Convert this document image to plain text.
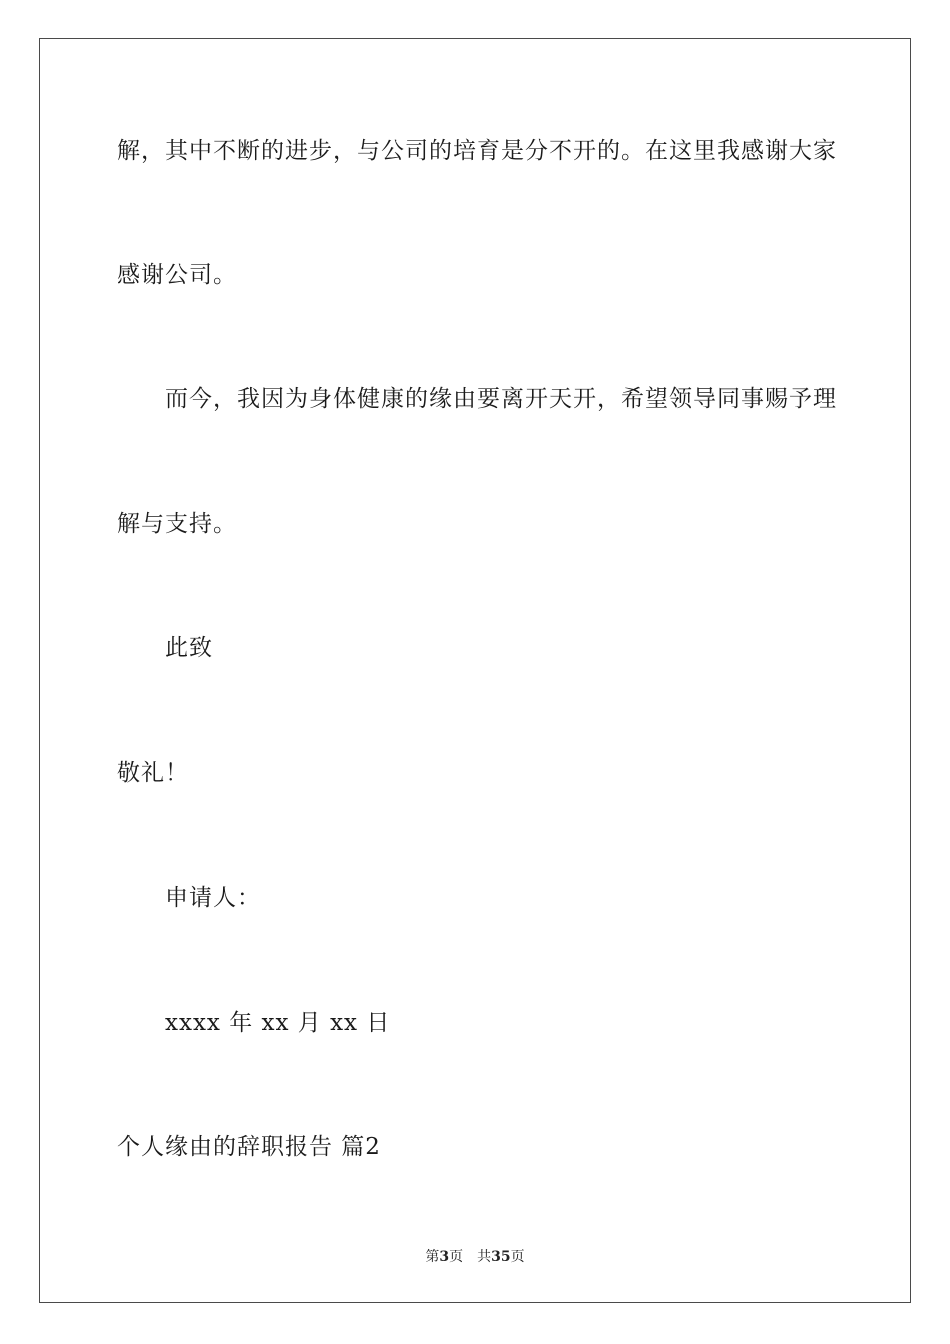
解，其中不断的进步，与公司的培育是分不开的。在这里我感谢大家
感谢公司。
而今，我因为身体健康的缘由要离开天开，希望领导同事赐予理
解与支持。
此致
敬礼！
申请人：
xxxx 年 xx 月 xx 日
个人缘由的辞职报告 篇2
第3页 共35页
